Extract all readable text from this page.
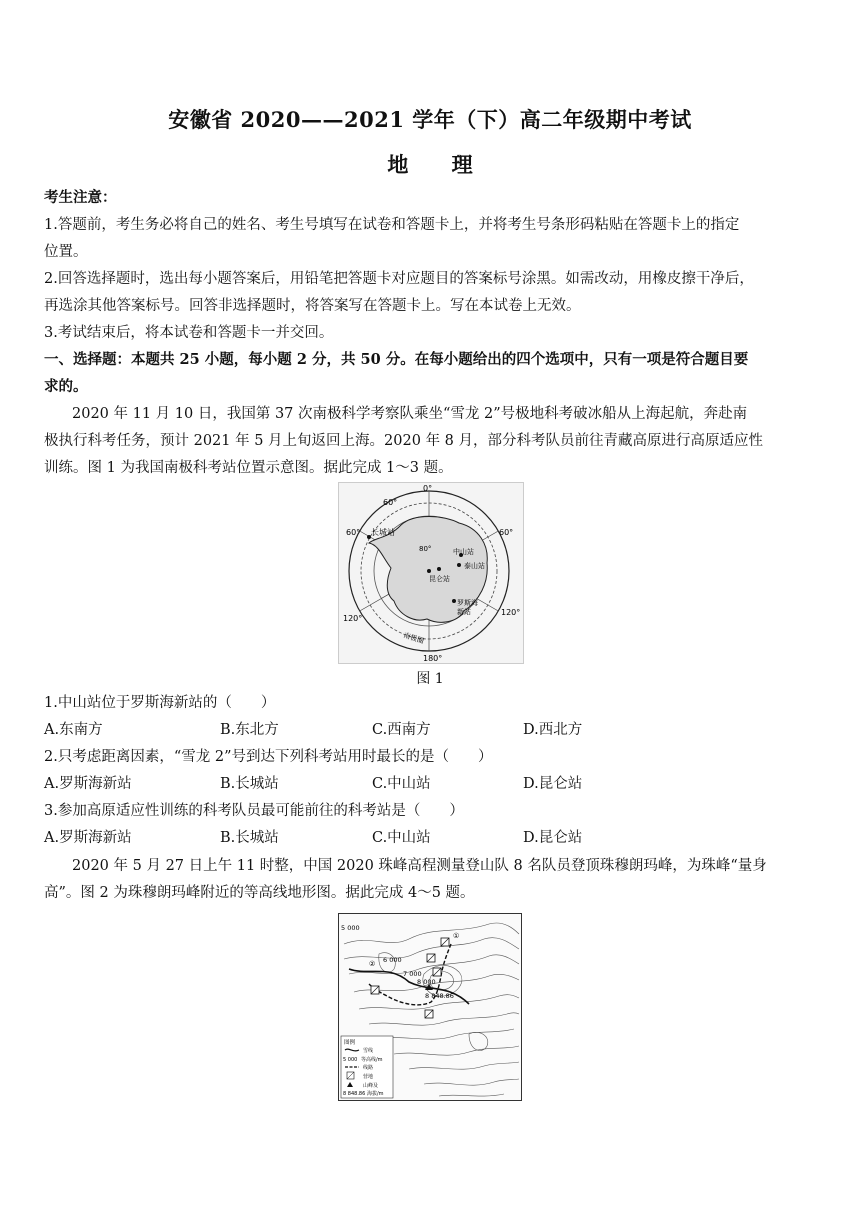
安徽省 2020——2021 学年（下）高二年级期中考试
地 理
考生注意：
1.答题前，考生务必将自己的姓名、考生号填写在试卷和答题卡上，并将考生号条形码粘贴在答题卡上的指定
位置。
2.回答选择题时，选出每小题答案后，用铅笔把答题卡对应题目的答案标号涂黑。如需改动，用橡皮擦干净后，
再选涂其他答案标号。回答非选择题时，将答案写在答题卡上。写在本试卷上无效。
3.考试结束后，将本试卷和答题卡一并交回。
一、选择题：本题共 25 小题，每小题 2 分，共 50 分。在每小题给出的四个选项中，只有一项是符合题目要
求的。
2020 年 11 月 10 日，我国第 37 次南极科学考察队乘坐“雪龙 2”号极地科考破冰船从上海起航，奔赴南
极执行科考任务，预计 2021 年 5 月上旬返回上海。2020 年 8 月，部分科考队员前往青藏高原进行高原适应性
训练。图 1 为我国南极科考站位置示意图。据此完成 1～3 题。
0°
60°
60°	60°
120°
120°
180°
80°
长城站
中山站
泰山站
昆仑站
罗斯海
新站
南极圈
图 1
1.中山站位于罗斯海新站的（　　）
A.东南方	B.东北方	C.西南方	D.西北方
2.只考虑距离因素，“雪龙 2”号到达下列科考站用时最长的是（　　）
A.罗斯海新站	B.长城站	C.中山站	D.昆仑站
3.参加高原适应性训练的科考队员最可能前往的科考站是（　　）
A.罗斯海新站	B.长城站	C.中山站	D.昆仑站
2020 年 5 月 27 日上午 11 时整，中国 2020 珠峰高程测量登山队 8 名队员登顶珠穆朗玛峰，为珠峰“量身
高”。图 2 为珠穆朗玛峰附近的等高线地形图。据此完成 4～5 题。
5 000
6 000
7 000
8 000
8 848.86
①
②
图例
雪线
5 000 等高线/m
线路
营地
山峰及
8 848.86 海拔/m
